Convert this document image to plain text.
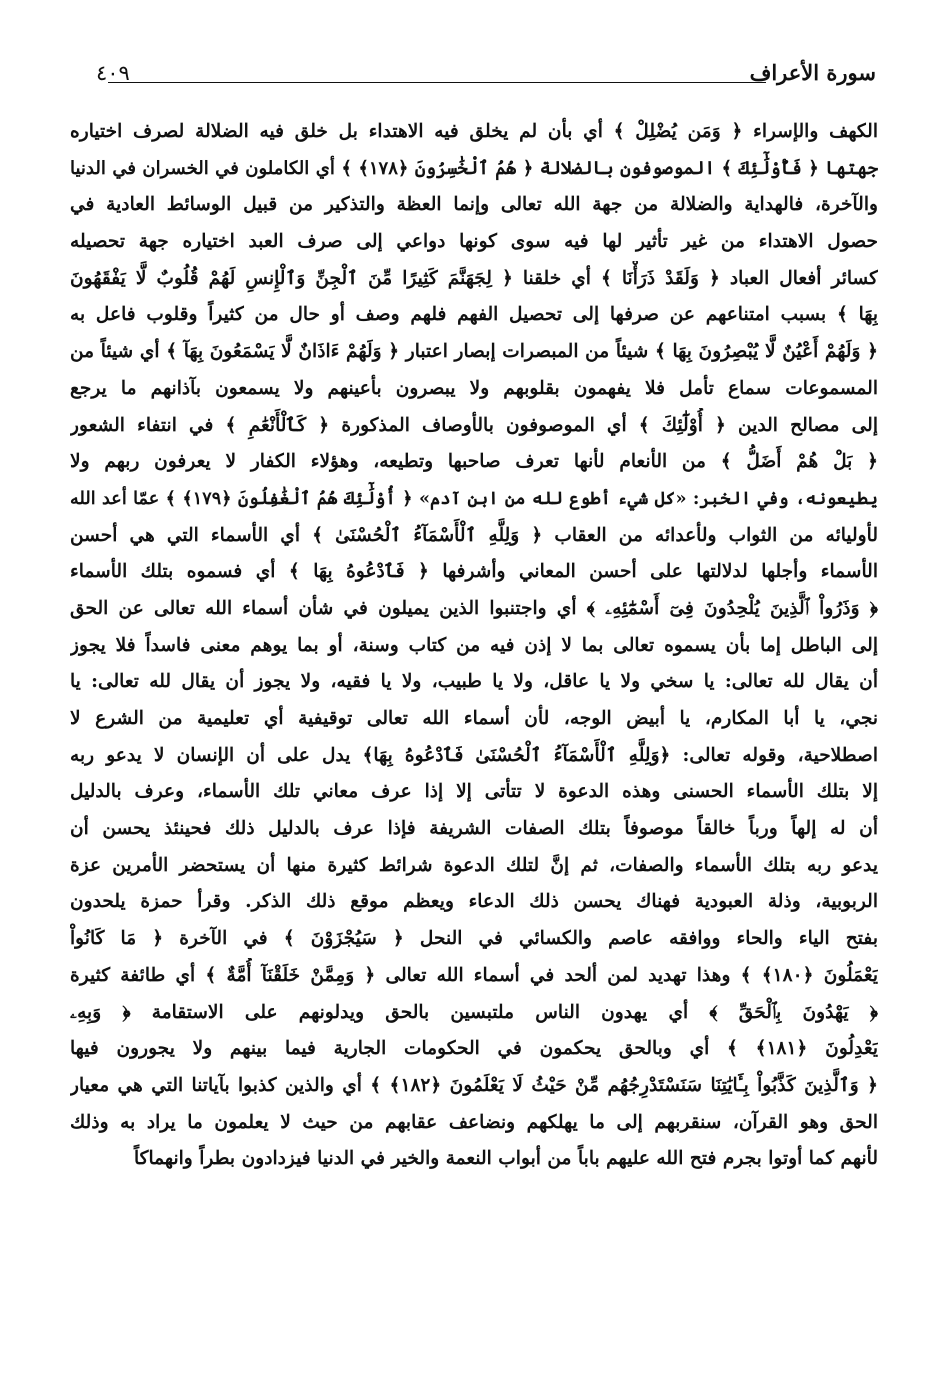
سورة الأعراف
٤٠٩
الكهف والإسراء ﴿ وَمَن يُضْلِلْ ﴾ أي بأن لم يخلق فيه الاهتداء بل خلق فيه الضلالة لصرف اختياره
جهتها ﴿ فَأُوْلَٰٓئِكَ ﴾ الموصوفون بالضلالة ﴿ هُمُ ٱلْخَٰسِرُونَ ﴿١٧٨﴾ ﴾ أي الكاملون في الخسران في الدنيا
والآخرة، فالهداية والضلالة من جهة الله تعالى وإنما العظة والتذكير من قبيل الوسائط العادية في
حصول الاهتداء من غير تأثير لها فيه سوى كونها دواعي إلى صرف العبد اختياره جهة تحصيله
كسائر أفعال العباد ﴿ وَلَقَدْ ذَرَأْنَا ﴾ أي خلقنا ﴿ لِجَهَنَّمَ كَثِيرًا مِّنَ ٱلْجِنِّ وَٱلْإِنسِ لَهُمْ قُلُوبٌ لَّا يَفْقَهُونَ
بِهَا ﴾ بسبب امتناعهم عن صرفها إلى تحصيل الفهم فلهم وصف أو حال من كثيراً وقلوب فاعل به
﴿ وَلَهُمْ أَعْيُنٌ لَّا يُبْصِرُونَ بِهَا ﴾ شيئاً من المبصرات إبصار اعتبار ﴿ وَلَهُمْ ءَاذَانٌ لَّا يَسْمَعُونَ بِهَآ ﴾ أي شيئاً من
المسموعات سماع تأمل فلا يفهمون بقلوبهم ولا يبصرون بأعينهم ولا يسمعون بآذانهم ما يرجع
إلى مصالح الدين ﴿ أُوْلَٰٓئِكَ ﴾ أي الموصوفون بالأوصاف المذكورة ﴿ كَٱلْأَنْعَٰمِ ﴾ في انتفاء الشعور
﴿ بَلْ هُمْ أَضَلُّ ﴾ من الأنعام لأنها تعرف صاحبها وتطيعه، وهؤلاء الكفار لا يعرفون ربهم ولا
يطيعونه، وفي الخبر: «كل شيء أطوع لله من ابن آدم» ﴿ أُوْلَٰٓئِكَ هُمُ ٱلْغَٰفِلُونَ ﴿١٧٩﴾ ﴾ عمّا أعد الله
لأوليائه من الثواب ولأعدائه من العقاب ﴿ وَلِلَّهِ ٱلْأَسْمَآءُ ٱلْحُسْنَىٰ ﴾ أي الأسماء التي هي أحسن
الأسماء وأجلها لدلالتها على أحسن المعاني وأشرفها ﴿ فَٱدْعُوهُ بِهَا ﴾ أي فسموه بتلك الأسماء
﴿ وَذَرُواْ ٱلَّذِينَ يُلْحِدُونَ فِىٓ أَسْمَٰٓئِهِۦ ﴾ أي واجتنبوا الذين يميلون في شأن أسماء الله تعالى عن الحق
إلى الباطل إما بأن يسموه تعالى بما لا إذن فيه من كتاب وسنة، أو بما يوهم معنى فاسداً فلا يجوز
أن يقال لله تعالى: يا سخي ولا يا عاقل، ولا يا طبيب، ولا يا فقيه، ولا يجوز أن يقال لله تعالى: يا
نجي، يا أبا المكارم، يا أبيض الوجه، لأن أسماء الله تعالى توقيفية أي تعليمية من الشرع لا
اصطلاحية، وقوله تعالى: ﴿وَلِلَّهِ ٱلْأَسْمَآءُ ٱلْحُسْنَىٰ فَٱدْعُوهُ بِهَا﴾ يدل على أن الإنسان لا يدعو ربه
إلا بتلك الأسماء الحسنى وهذه الدعوة لا تتأتى إلا إذا عرف معاني تلك الأسماء، وعرف بالدليل
أن له إلهاً ورباً خالقاً موصوفاً بتلك الصفات الشريفة فإذا عرف بالدليل ذلك فحينئذ يحسن أن
يدعو ربه بتلك الأسماء والصفات، ثم إنَّ لتلك الدعوة شرائط كثيرة منها أن يستحضر الأمرين عزة
الربوبية، وذلة العبودية فهناك يحسن ذلك الدعاء ويعظم موقع ذلك الذكر. وقرأ حمزة يلحدون
بفتح الياء والحاء ووافقه عاصم والكسائي في النحل ﴿ سَيُجْزَوْنَ ﴾ في الآخرة ﴿ مَا كَانُواْ
يَعْمَلُونَ ﴿١٨٠﴾ ﴾ وهذا تهديد لمن ألحد في أسماء الله تعالى ﴿ وَمِمَّنْ خَلَقْنَآ أُمَّةٌ ﴾ أي طائفة كثيرة
﴿ يَهْدُونَ بِٱلْحَقِّ ﴾ أي يهدون الناس ملتبسين بالحق ويدلونهم على الاستقامة ﴿ وَبِهِۦ
يَعْدِلُونَ ﴿١٨١﴾ ﴾ أي وبالحق يحكمون في الحكومات الجارية فيما بينهم ولا يجورون فيها
﴿ وَٱلَّذِينَ كَذَّبُواْ بِـَٔايَٰتِنَا سَنَسْتَدْرِجُهُم مِّنْ حَيْثُ لَا يَعْلَمُونَ ﴿١٨٢﴾ ﴾ أي والذين كذبوا بآياتنا التي هي معيار
الحق وهو القرآن، سنقربهم إلى ما يهلكهم ونضاعف عقابهم من حيث لا يعلمون ما يراد به وذلك
لأنهم كما أوتوا بجرم فتح الله عليهم باباً من أبواب النعمة والخير في الدنيا فيزدادون بطراً وانهماكاً
